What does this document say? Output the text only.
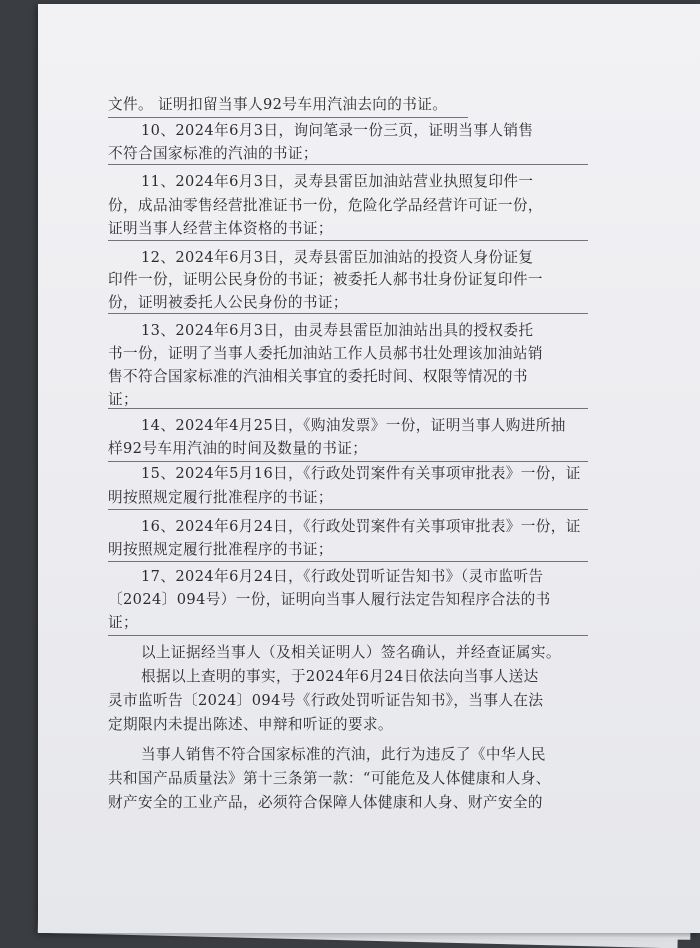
文件。 证明扣留当事人92号车用汽油去向的书证。
10、2024年6月3日，询问笔录一份三页，证明当事人销售
不符合国家标准的汽油的书证；
11、2024年6月3日，灵寿县雷臣加油站营业执照复印件一
份，成品油零售经营批准证书一份，危险化学品经营许可证一份，
证明当事人经营主体资格的书证；
12、2024年6月3日，灵寿县雷臣加油站的投资人身份证复
印件一份，证明公民身份的书证；被委托人郝书壮身份证复印件一
份，证明被委托人公民身份的书证；
13、2024年6月3日，由灵寿县雷臣加油站出具的授权委托
书一份，证明了当事人委托加油站工作人员郝书壮处理该加油站销
售不符合国家标准的汽油相关事宜的委托时间、权限等情况的书
证；
14、2024年4月25日，《购油发票》一份，证明当事人购进所抽
样92号车用汽油的时间及数量的书证；
15、2024年5月16日，《行政处罚案件有关事项审批表》一份，证
明按照规定履行批准程序的书证；
16、2024年6月24日，《行政处罚案件有关事项审批表》一份，证
明按照规定履行批准程序的书证；
17、2024年6月24日，《行政处罚听证告知书》（灵市监听告
〔2024〕094号）一份，证明向当事人履行法定告知程序合法的书
证；
以上证据经当事人（及相关证明人）签名确认，并经查证属实。
根据以上查明的事实，于2024年6月24日依法向当事人送达
灵市监听告〔2024〕094号《行政处罚听证告知书》，当事人在法
定期限内未提出陈述、申辩和听证的要求。
当事人销售不符合国家标准的汽油，此行为违反了《中华人民
共和国产品质量法》第十三条第一款：“可能危及人体健康和人身、
财产安全的工业产品，必须符合保障人体健康和人身、财产安全的
